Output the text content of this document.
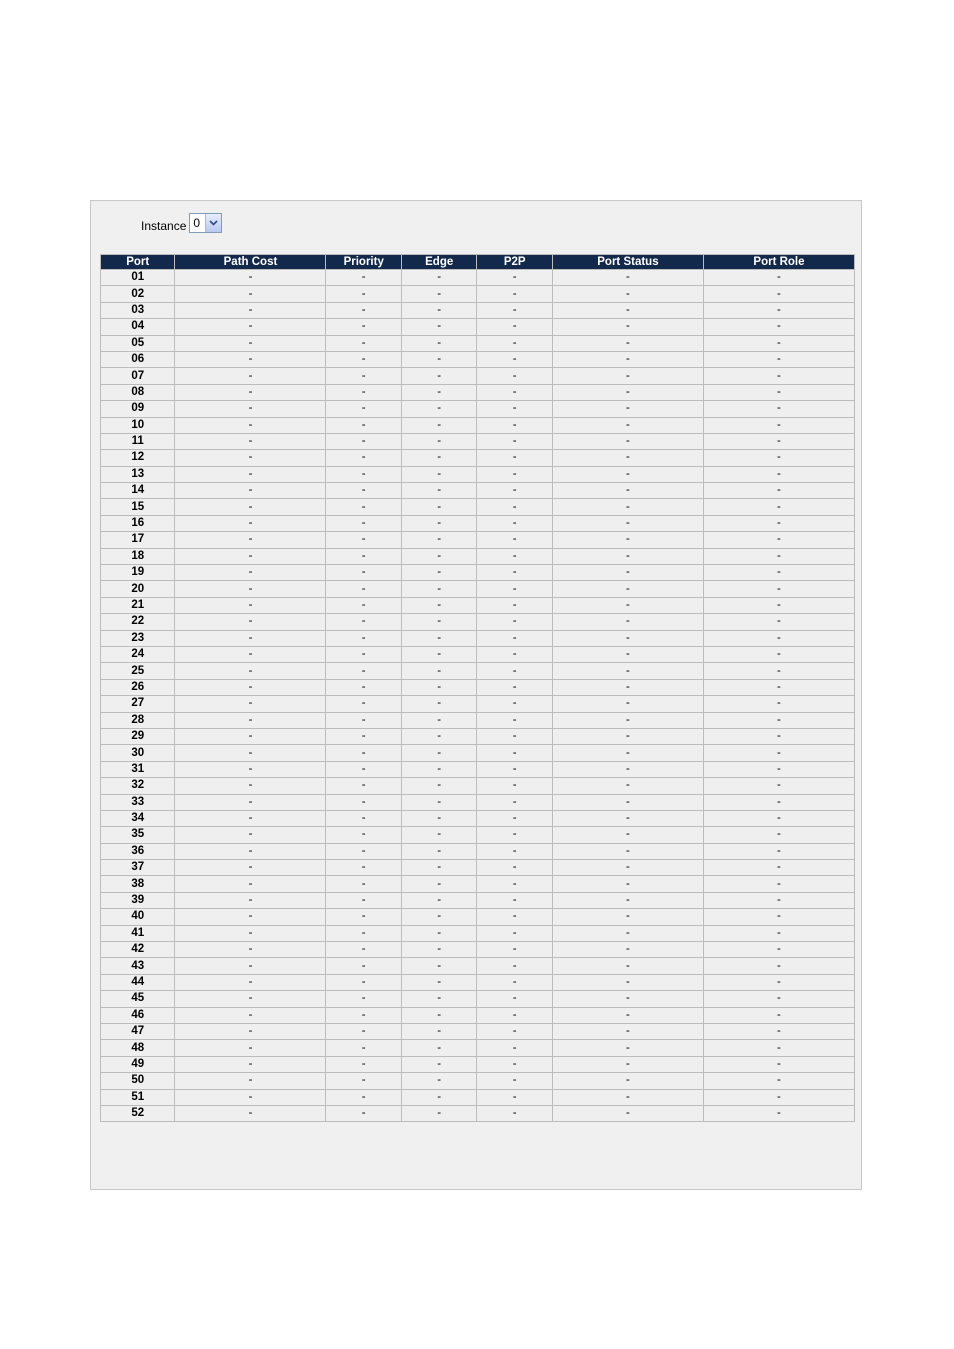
Instance 0
Port	Path Cost	Priority	Edge	P2P	Port Status	Port Role
01	-	-	-	-	-	-
02	-	-	-	-	-	-
03	-	-	-	-	-	-
04	-	-	-	-	-	-
05	-	-	-	-	-	-
06	-	-	-	-	-	-
07	-	-	-	-	-	-
08	-	-	-	-	-	-
09	-	-	-	-	-	-
10	-	-	-	-	-	-
11	-	-	-	-	-	-
12	-	-	-	-	-	-
13	-	-	-	-	-	-
14	-	-	-	-	-	-
15	-	-	-	-	-	-
16	-	-	-	-	-	-
17	-	-	-	-	-	-
18	-	-	-	-	-	-
19	-	-	-	-	-	-
20	-	-	-	-	-	-
21	-	-	-	-	-	-
22	-	-	-	-	-	-
23	-	-	-	-	-	-
24	-	-	-	-	-	-
25	-	-	-	-	-	-
26	-	-	-	-	-	-
27	-	-	-	-	-	-
28	-	-	-	-	-	-
29	-	-	-	-	-	-
30	-	-	-	-	-	-
31	-	-	-	-	-	-
32	-	-	-	-	-	-
33	-	-	-	-	-	-
34	-	-	-	-	-	-
35	-	-	-	-	-	-
36	-	-	-	-	-	-
37	-	-	-	-	-	-
38	-	-	-	-	-	-
39	-	-	-	-	-	-
40	-	-	-	-	-	-
41	-	-	-	-	-	-
42	-	-	-	-	-	-
43	-	-	-	-	-	-
44	-	-	-	-	-	-
45	-	-	-	-	-	-
46	-	-	-	-	-	-
47	-	-	-	-	-	-
48	-	-	-	-	-	-
49	-	-	-	-	-	-
50	-	-	-	-	-	-
51	-	-	-	-	-	-
52	-	-	-	-	-	-
